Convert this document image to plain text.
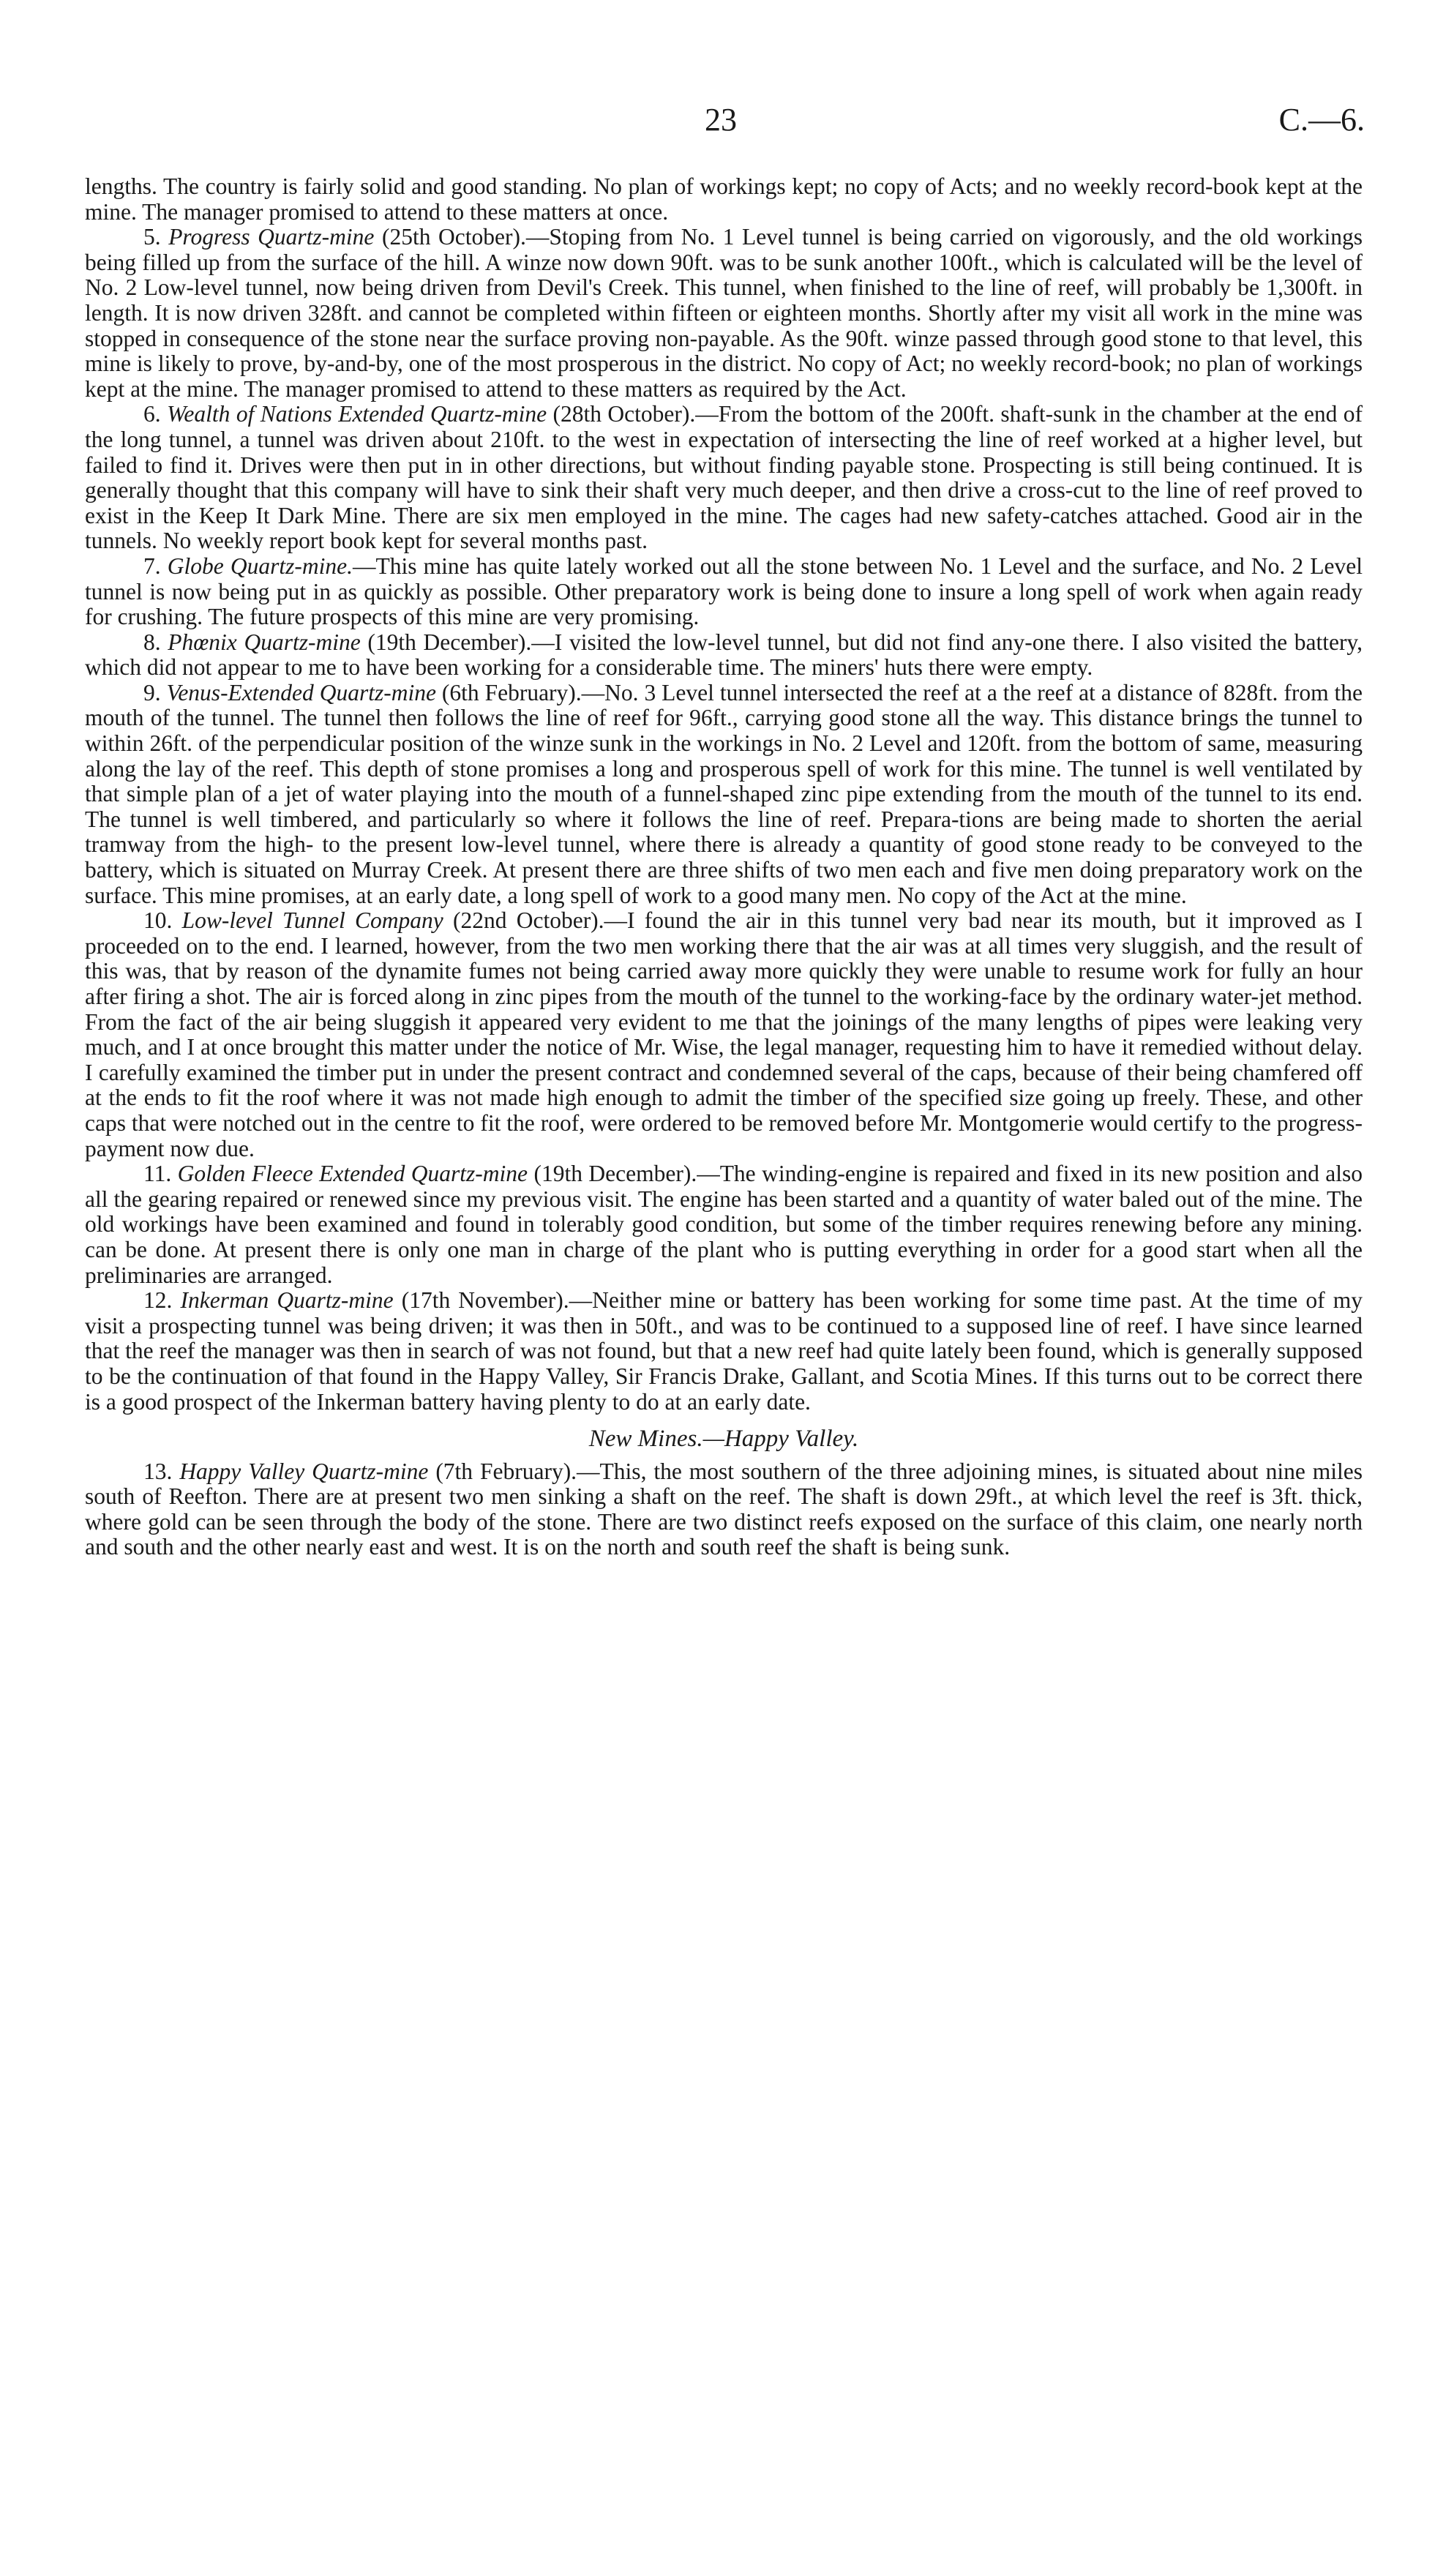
23	C.—6.

lengths. The country is fairly solid and good standing. No plan of workings kept; no copy of Acts; and no weekly record-book kept at the mine. The manager promised to attend to these matters at once.

5. Progress Quartz-mine (25th October).—Stoping from No. 1 Level tunnel is being carried on vigorously, and the old workings being filled up from the surface of the hill. A winze now down 90ft. was to be sunk another 100ft., which is calculated will be the level of No. 2 Low-level tunnel, now being driven from Devil's Creek. This tunnel, when finished to the line of reef, will probably be 1,300ft. in length. It is now driven 328ft. and cannot be completed within fifteen or eighteen months. Shortly after my visit all work in the mine was stopped in consequence of the stone near the surface proving non-payable. As the 90ft. winze passed through good stone to that level, this mine is likely to prove, by-and-by, one of the most prosperous in the district. No copy of Act; no weekly record-book; no plan of workings kept at the mine. The manager promised to attend to these matters as required by the Act.

6. Wealth of Nations Extended Quartz-mine (28th October).—From the bottom of the 200ft. shaft-sunk in the chamber at the end of the long tunnel, a tunnel was driven about 210ft. to the west in expectation of intersecting the line of reef worked at a higher level, but failed to find it. Drives were then put in in other directions, but without finding payable stone. Prospecting is still being continued. It is generally thought that this company will have to sink their shaft very much deeper, and then drive a cross-cut to the line of reef proved to exist in the Keep It Dark Mine. There are six men employed in the mine. The cages had new safety-catches attached. Good air in the tunnels. No weekly report book kept for several months past.

7. Globe Quartz-mine.—This mine has quite lately worked out all the stone between No. 1 Level and the surface, and No. 2 Level tunnel is now being put in as quickly as possible. Other preparatory work is being done to insure a long spell of work when again ready for crushing. The future prospects of this mine are very promising.

8. Phœnix Quartz-mine (19th December).—I visited the low-level tunnel, but did not find any-one there. I also visited the battery, which did not appear to me to have been working for a considerable time. The miners' huts there were empty.

9. Venus-Extended Quartz-mine (6th February).—No. 3 Level tunnel intersected the reef at a the reef at a distance of 828ft. from the mouth of the tunnel. The tunnel then follows the line of reef for 96ft., carrying good stone all the way. This distance brings the tunnel to within 26ft. of the perpendicular position of the winze sunk in the workings in No. 2 Level and 120ft. from the bottom of same, measuring along the lay of the reef. This depth of stone promises a long and prosperous spell of work for this mine. The tunnel is well ventilated by that simple plan of a jet of water playing into the mouth of a funnel-shaped zinc pipe extending from the mouth of the tunnel to its end. The tunnel is well timbered, and particularly so where it follows the line of reef. Prepara-tions are being made to shorten the aerial tramway from the high- to the present low-level tunnel, where there is already a quantity of good stone ready to be conveyed to the battery, which is situated on Murray Creek. At present there are three shifts of two men each and five men doing preparatory work on the surface. This mine promises, at an early date, a long spell of work to a good many men. No copy of the Act at the mine.

10. Low-level Tunnel Company (22nd October).—I found the air in this tunnel very bad near its mouth, but it improved as I proceeded on to the end. I learned, however, from the two men working there that the air was at all times very sluggish, and the result of this was, that by reason of the dynamite fumes not being carried away more quickly they were unable to resume work for fully an hour after firing a shot. The air is forced along in zinc pipes from the mouth of the tunnel to the working-face by the ordinary water-jet method. From the fact of the air being sluggish it appeared very evident to me that the joinings of the many lengths of pipes were leaking very much, and I at once brought this matter under the notice of Mr. Wise, the legal manager, requesting him to have it remedied without delay. I carefully examined the timber put in under the present contract and condemned several of the caps, because of their being chamfered off at the ends to fit the roof where it was not made high enough to admit the timber of the specified size going up freely. These, and other caps that were notched out in the centre to fit the roof, were ordered to be removed before Mr. Montgomerie would certify to the progress-payment now due.

11. Golden Fleece Extended Quartz-mine (19th December).—The winding-engine is repaired and fixed in its new position and also all the gearing repaired or renewed since my previous visit. The engine has been started and a quantity of water baled out of the mine. The old workings have been examined and found in tolerably good condition, but some of the timber requires renewing before any mining. can be done. At present there is only one man in charge of the plant who is putting everything in order for a good start when all the preliminaries are arranged.

12. Inkerman Quartz-mine (17th November).—Neither mine or battery has been working for some time past. At the time of my visit a prospecting tunnel was being driven; it was then in 50ft., and was to be continued to a supposed line of reef. I have since learned that the reef the manager was then in search of was not found, but that a new reef had quite lately been found, which is generally supposed to be the continuation of that found in the Happy Valley, Sir Francis Drake, Gallant, and Scotia Mines. If this turns out to be correct there is a good prospect of the Inkerman battery having plenty to do at an early date.

New Mines.—Happy Valley.

13. Happy Valley Quartz-mine (7th February).—This, the most southern of the three adjoining mines, is situated about nine miles south of Reefton. There are at present two men sinking a shaft on the reef. The shaft is down 29ft., at which level the reef is 3ft. thick, where gold can be seen through the body of the stone. There are two distinct reefs exposed on the surface of this claim, one nearly north and south and the other nearly east and west. It is on the north and south reef the shaft is being sunk.
